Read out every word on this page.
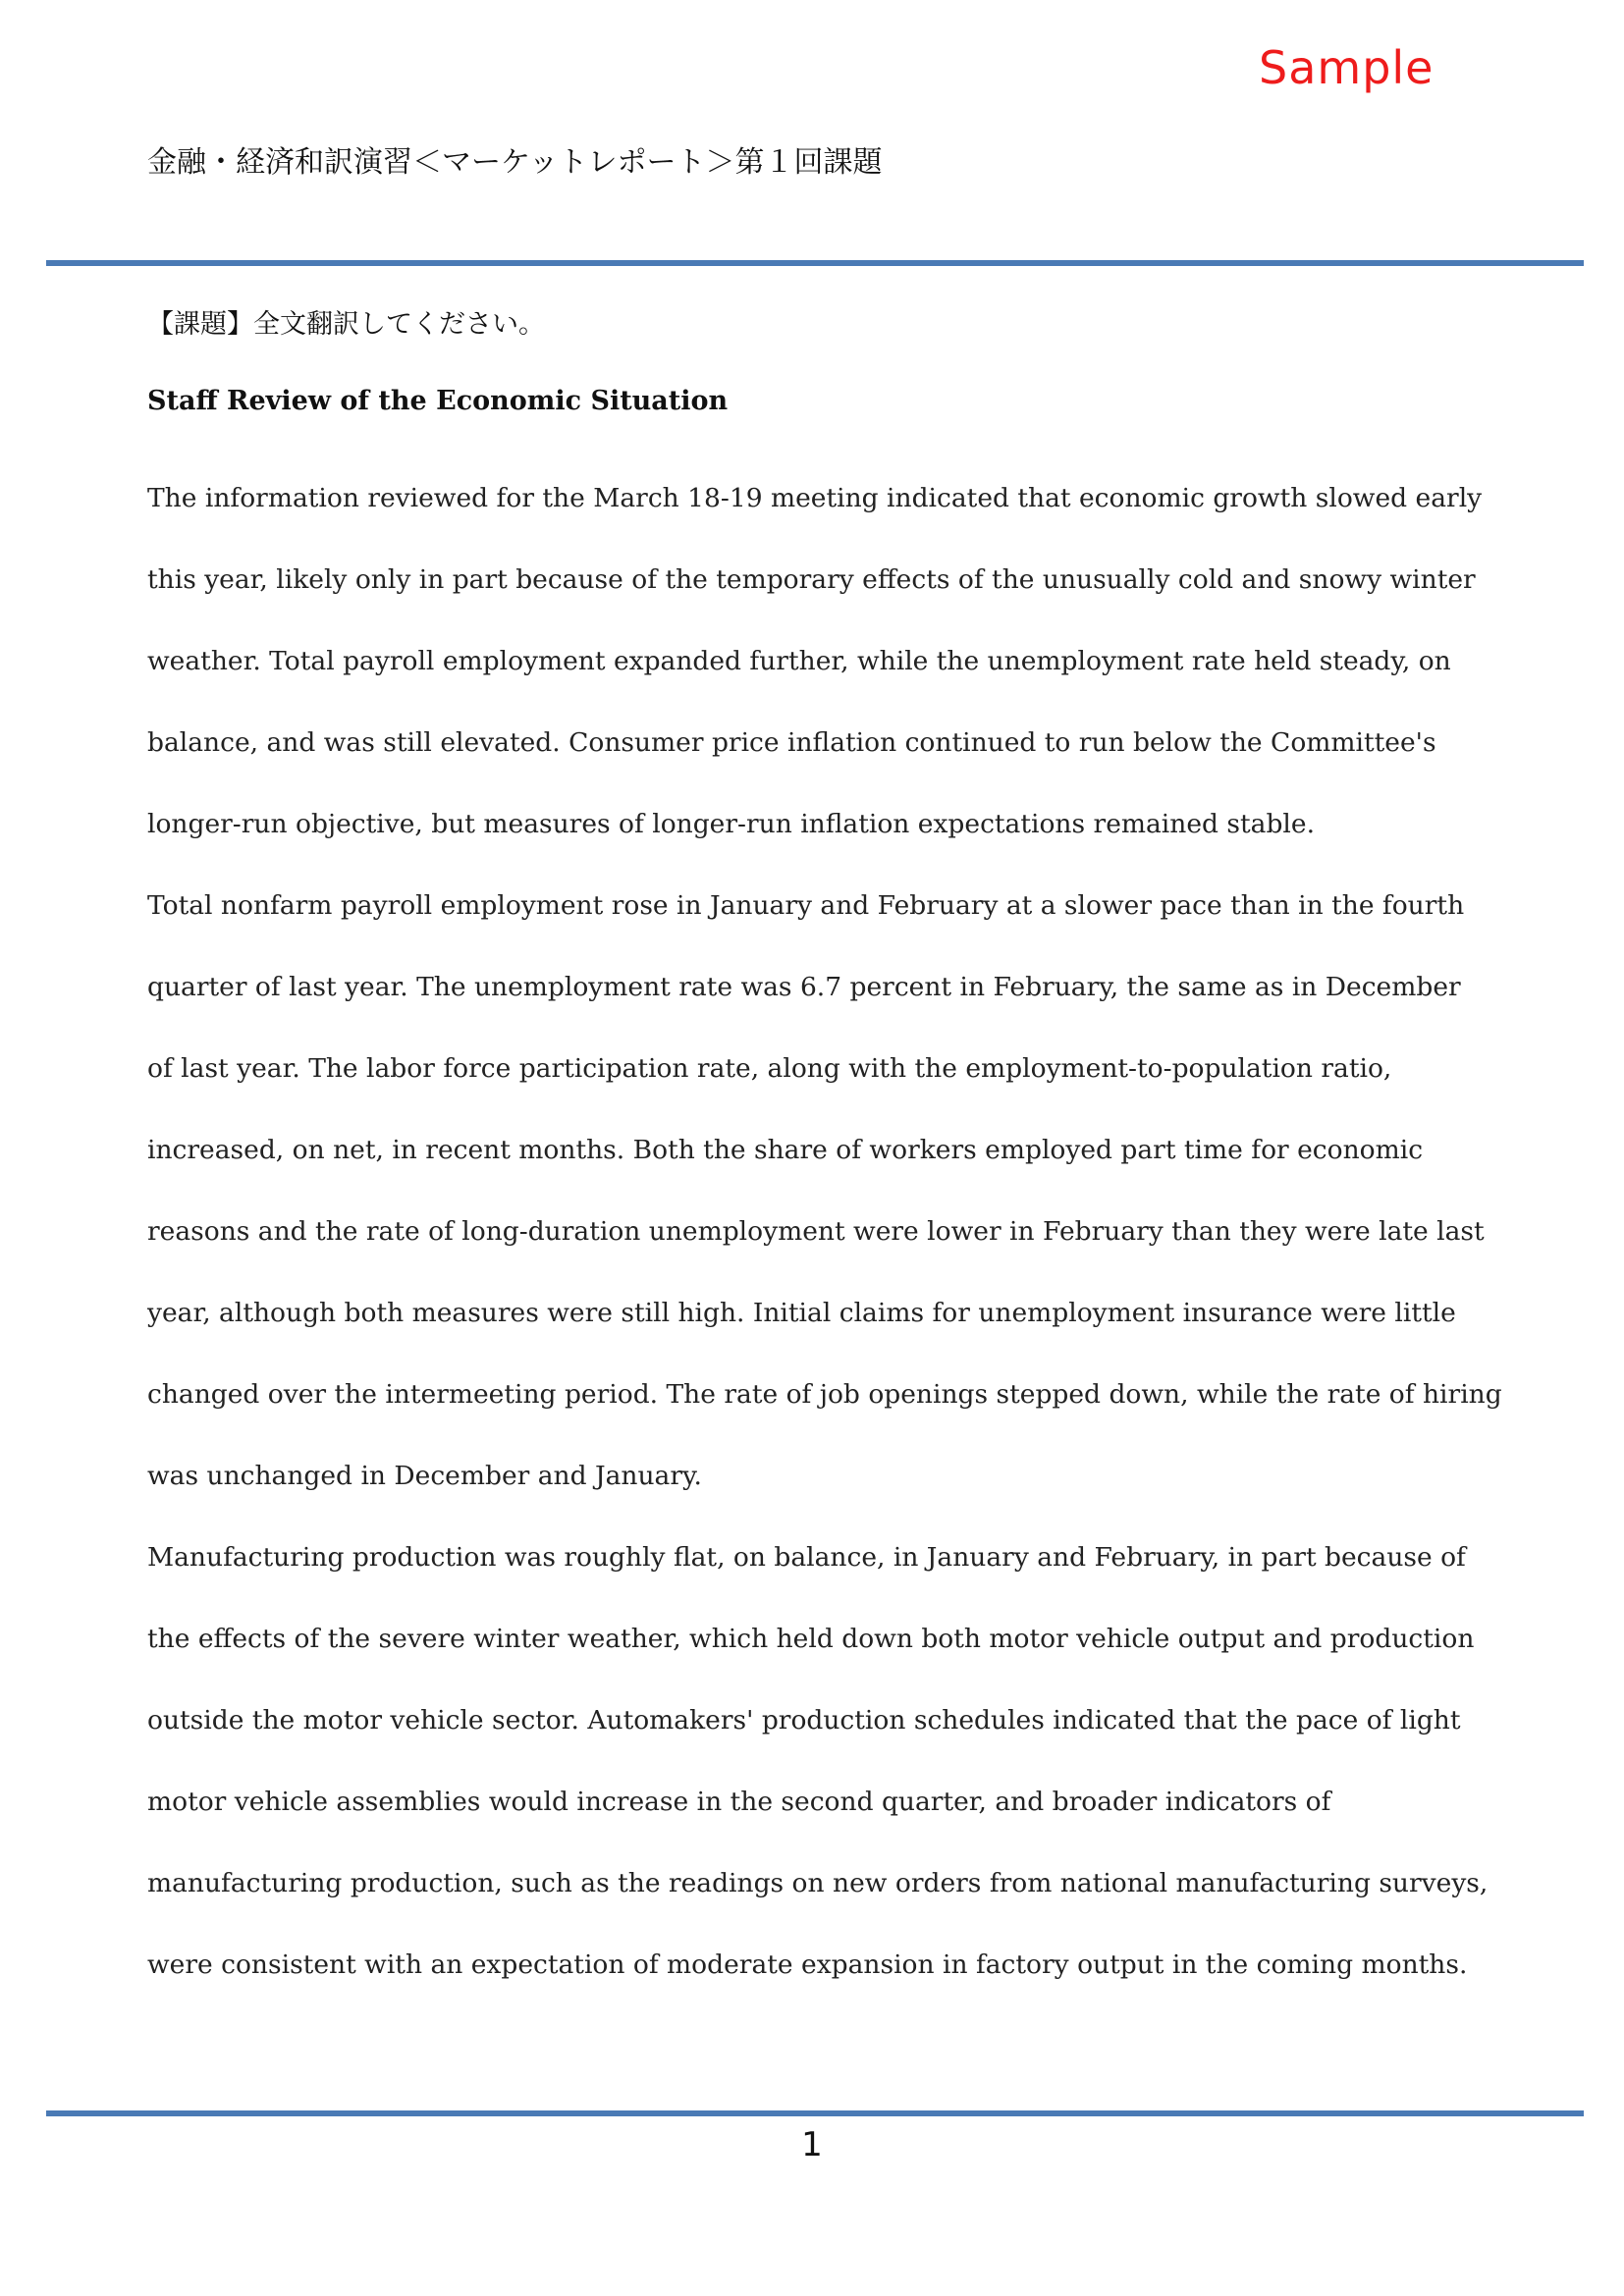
Sample
金融・経済和訳演習＜マーケットレポート＞第１回課題
【課題】全文翻訳してください。
Staff Review of the Economic Situation
The information reviewed for the March 18-19 meeting indicated that economic growth slowed early
this year, likely only in part because of the temporary effects of the unusually cold and snowy winter
weather. Total payroll employment expanded further, while the unemployment rate held steady, on
balance, and was still elevated. Consumer price inflation continued to run below the Committee's
longer-run objective, but measures of longer-run inflation expectations remained stable.
Total nonfarm payroll employment rose in January and February at a slower pace than in the fourth
quarter of last year. The unemployment rate was 6.7 percent in February, the same as in December
of last year. The labor force participation rate, along with the employment-to-population ratio,
increased, on net, in recent months. Both the share of workers employed part time for economic
reasons and the rate of long-duration unemployment were lower in February than they were late last
year, although both measures were still high. Initial claims for unemployment insurance were little
changed over the intermeeting period. The rate of job openings stepped down, while the rate of hiring
was unchanged in December and January.
Manufacturing production was roughly flat, on balance, in January and February, in part because of
the effects of the severe winter weather, which held down both motor vehicle output and production
outside the motor vehicle sector. Automakers' production schedules indicated that the pace of light
motor vehicle assemblies would increase in the second quarter, and broader indicators of
manufacturing production, such as the readings on new orders from national manufacturing surveys,
were consistent with an expectation of moderate expansion in factory output in the coming months.
1
